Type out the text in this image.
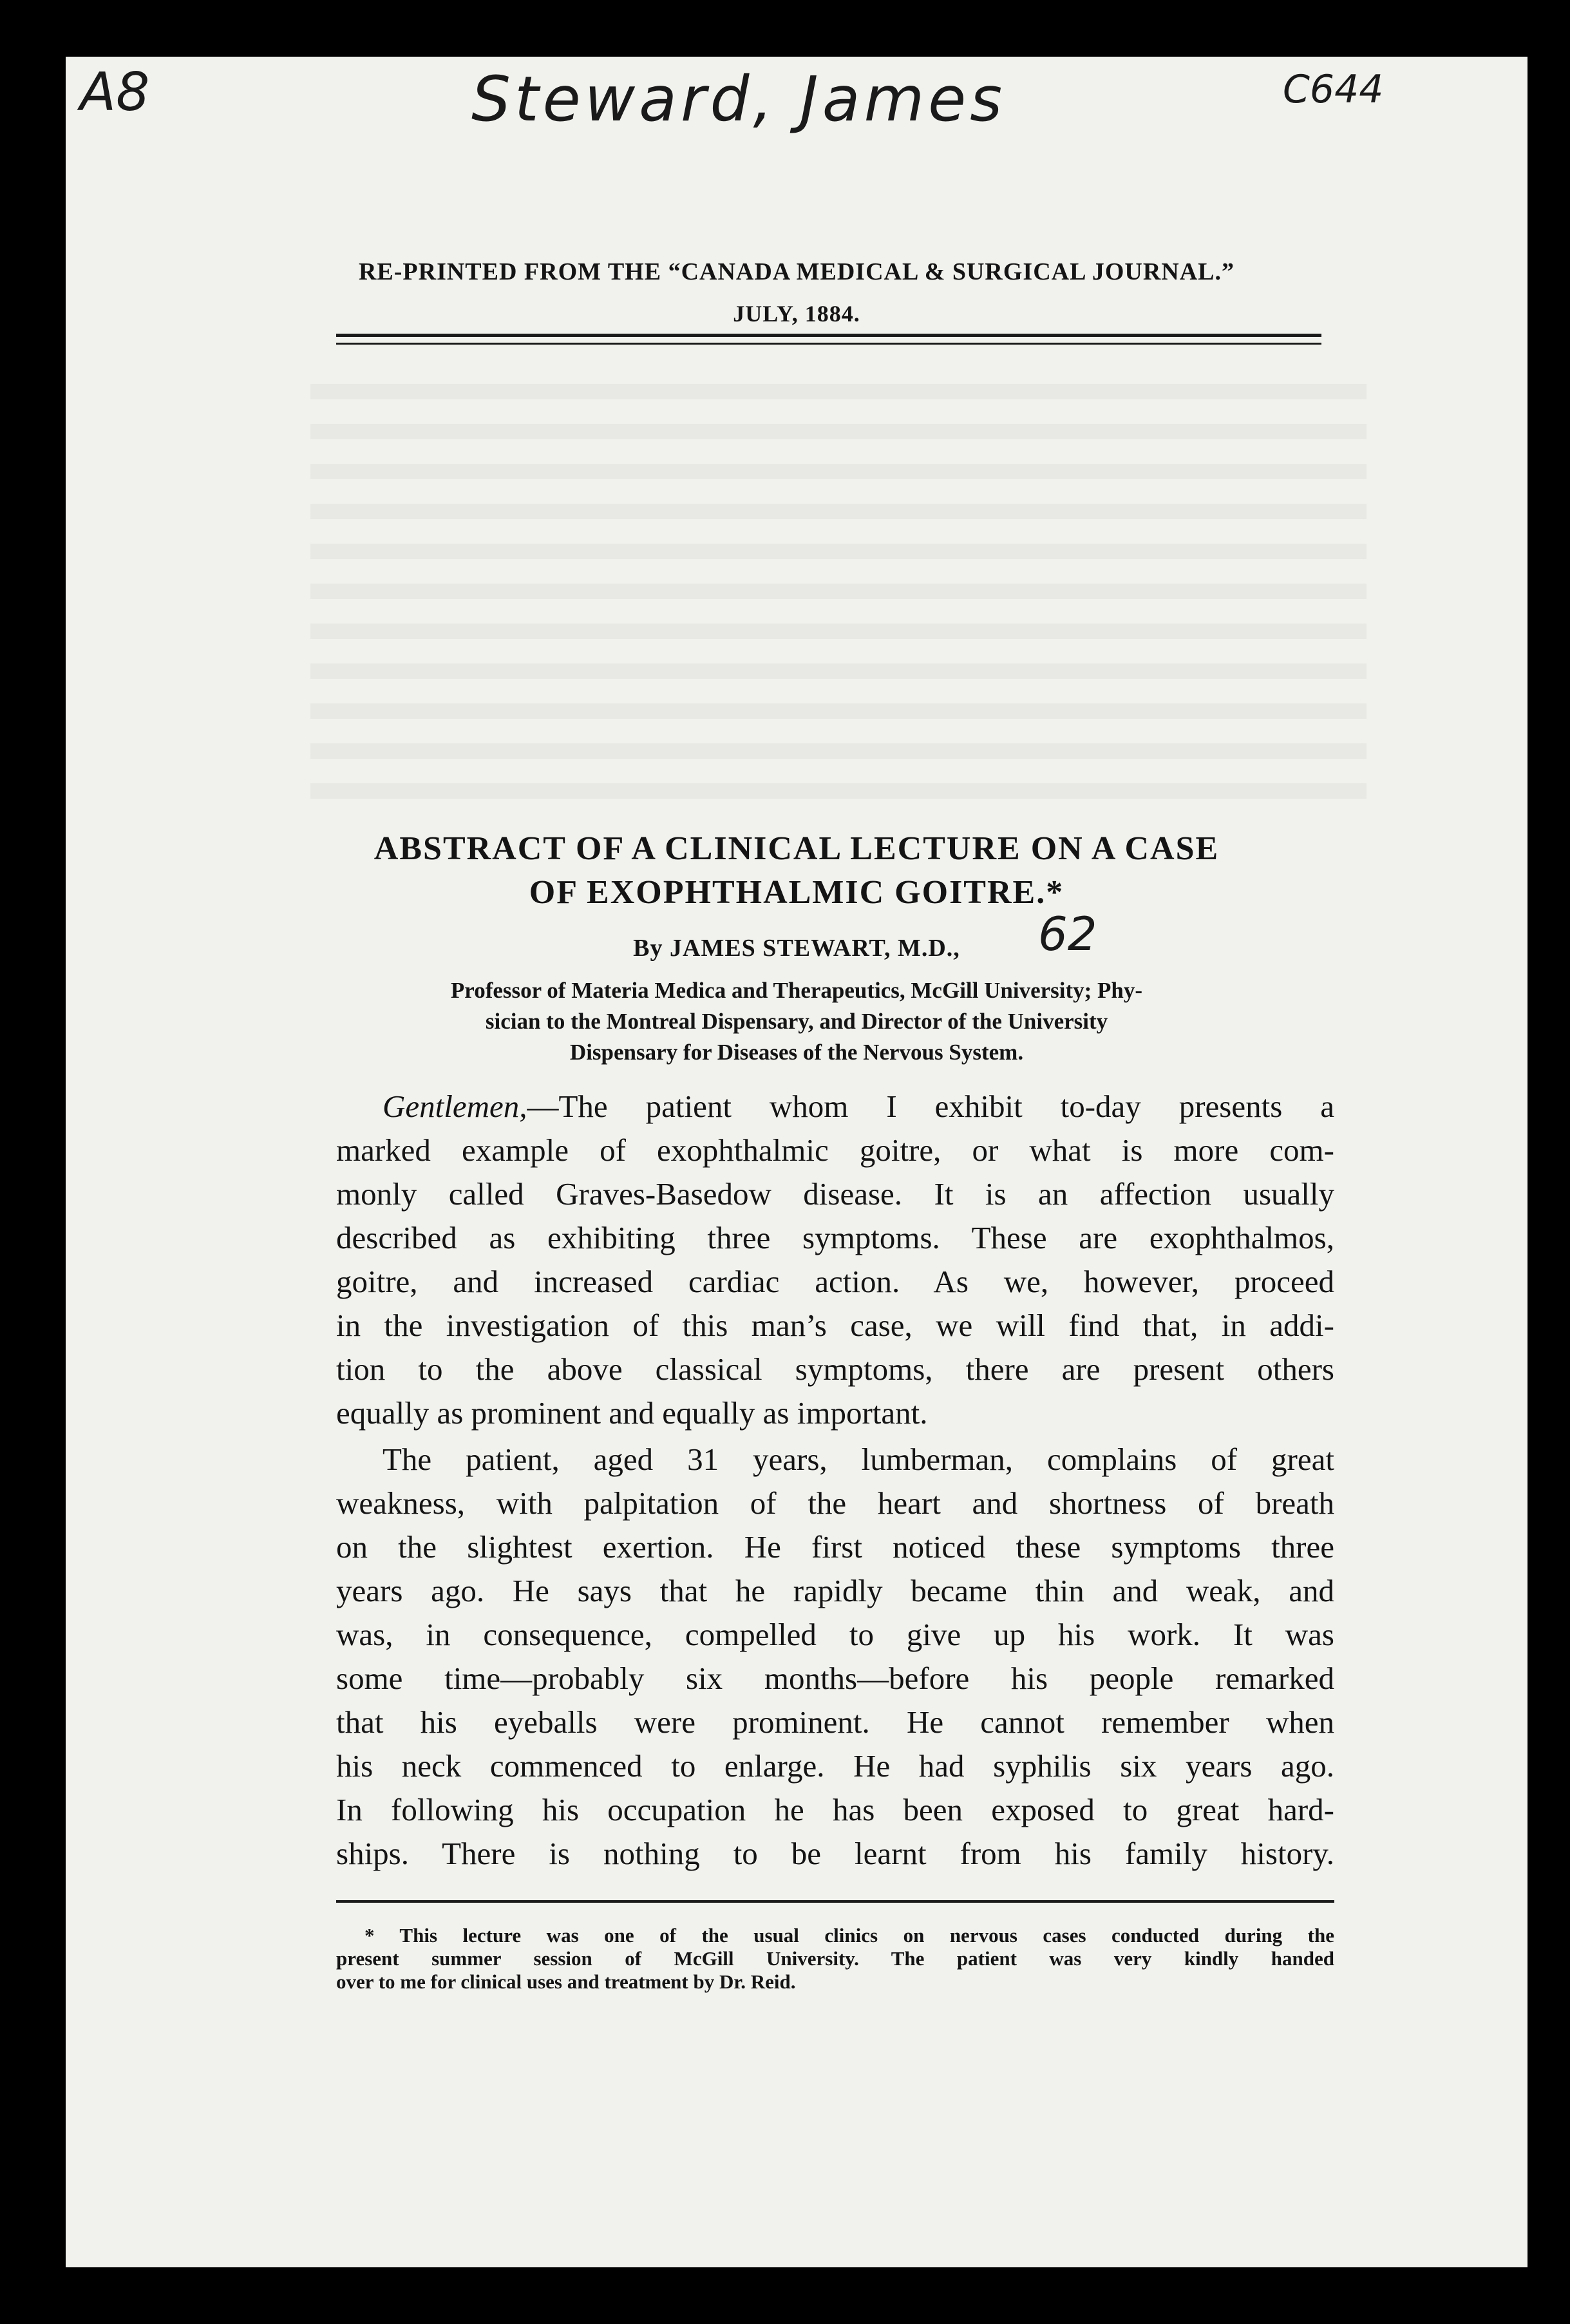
A8	Steward, James	C644
RE-PRINTED FROM THE “CANADA MEDICAL & SURGICAL JOURNAL.”
JULY, 1884.
ABSTRACT OF A CLINICAL LECTURE ON A CASE
OF EXOPHTHALMIC GOITRE.*
By JAMES STEWART, M.D.,	62
Professor of Materia Medica and Therapeutics, McGill University; Phy-
sician to the Montreal Dispensary, and Director of the University
Dispensary for Diseases of the Nervous System.
Gentlemen,—The patient whom I exhibit to-day presents a
marked example of exophthalmic goitre, or what is more com-
monly called Graves-Basedow disease. It is an affection usually
described as exhibiting three symptoms. These are exophthalmos,
goitre, and increased cardiac action. As we, however, proceed
in the investigation of this man’s case, we will find that, in addi-
tion to the above classical symptoms, there are present others
equally as prominent and equally as important.
The patient, aged 31 years, lumberman, complains of great
weakness, with palpitation of the heart and shortness of breath
on the slightest exertion. He first noticed these symptoms three
years ago. He says that he rapidly became thin and weak, and
was, in consequence, compelled to give up his work. It was
some time—probably six months—before his people remarked
that his eyeballs were prominent. He cannot remember when
his neck commenced to enlarge. He had syphilis six years ago.
In following his occupation he has been exposed to great hard-
ships. There is nothing to be learnt from his family history.
* This lecture was one of the usual clinics on nervous cases conducted during the
present summer session of McGill University. The patient was very kindly handed
over to me for clinical uses and treatment by Dr. Reid.
